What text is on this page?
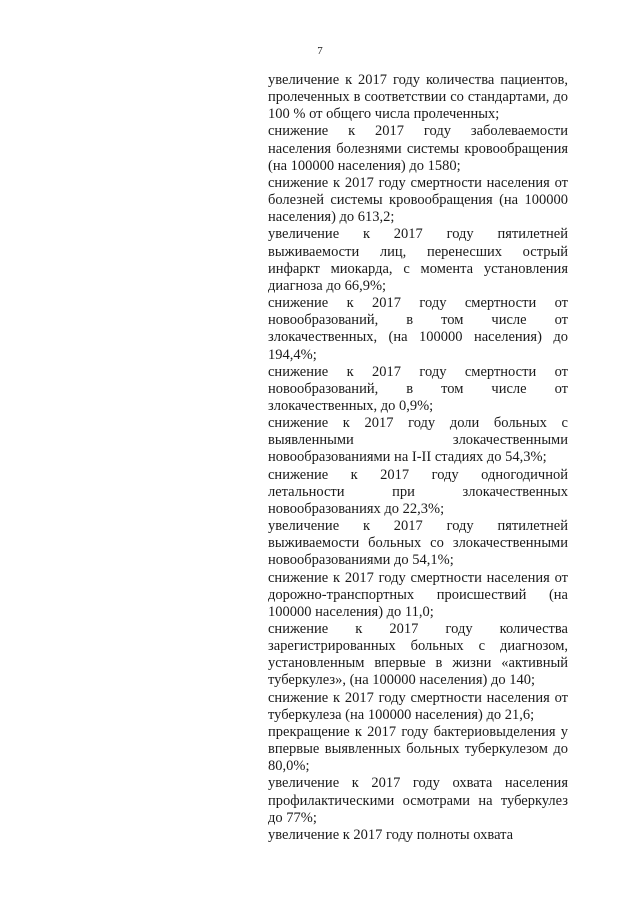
7

увеличение к 2017 году количества пациентов, пролеченных в соответствии со стандартами, до 100 % от общего числа пролеченных;

снижение к 2017 году заболеваемости населения болезнями системы кровообращения (на 100000 населения) до 1580;

снижение к 2017 году смертности населения от болезней системы кровообращения (на 100000 населения) до 613,2;

увеличение к 2017 году пятилетней выживаемости лиц, перенесших острый инфаркт миокарда, с момента установления диагноза до 66,9%;

снижение к 2017 году смертности от новообразований, в том числе от злокачественных, (на 100000 населения) до 194,4%;

снижение к 2017 году смертности от новообразований, в том числе от злокачественных, до 0,9%;

снижение к 2017 году доли больных с выявленными злокачественными новообразованиями на I-II стадиях до 54,3%;

снижение к 2017 году одногодичной летальности при злокачественных новообразованиях до 22,3%;

увеличение к 2017 году пятилетней выживаемости больных со злокачественными новообразованиями до 54,1%;

снижение к 2017 году смертности населения от дорожно-транспортных происшествий (на 100000 населения) до 11,0;

снижение к 2017 году количества зарегистрированных больных с диагнозом, установленным впервые в жизни «активный туберкулез», (на 100000 населения) до 140;

снижение к 2017 году смертности населения от туберкулеза (на 100000 населения) до 21,6;

прекращение к 2017 году бактериовыделения у впервые выявленных больных туберкулезом до 80,0%;

увеличение к 2017 году охвата населения профилактическими осмотрами на туберкулез до 77%;

увеличение к 2017 году полноты охвата
